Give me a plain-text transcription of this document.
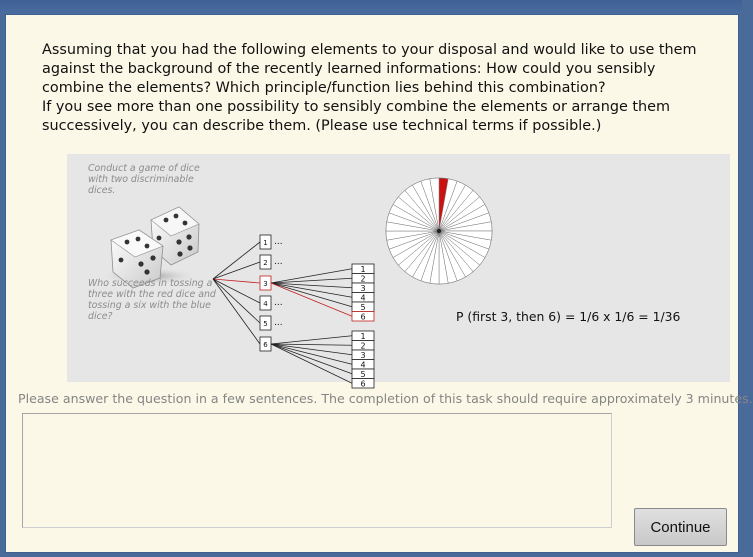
Assuming that you had the following elements to your disposal and would like to use them against the background of the recently learned informations: How could you sensibly combine the elements? Which principle/function lies behind this combination?

If you see more than one possibility to sensibly combine the elements or arrange them successively, you can describe them. (Please use technical terms if possible.)

1 ...
2 ...
3
4 ...
5 ...
6
1
2
3
4
5
6
1
2
3
4
5
6
Conduct a game of dice with two discriminable dices.
Who succeeds in tossing a three with the red dice and tossing a six with the blue dice?	P (first 3, then 6) = 1/6 x 1/6 = 1/36
Please answer the question in a few sentences. The completion of this task should require approximately 3 minutes.
Continue
